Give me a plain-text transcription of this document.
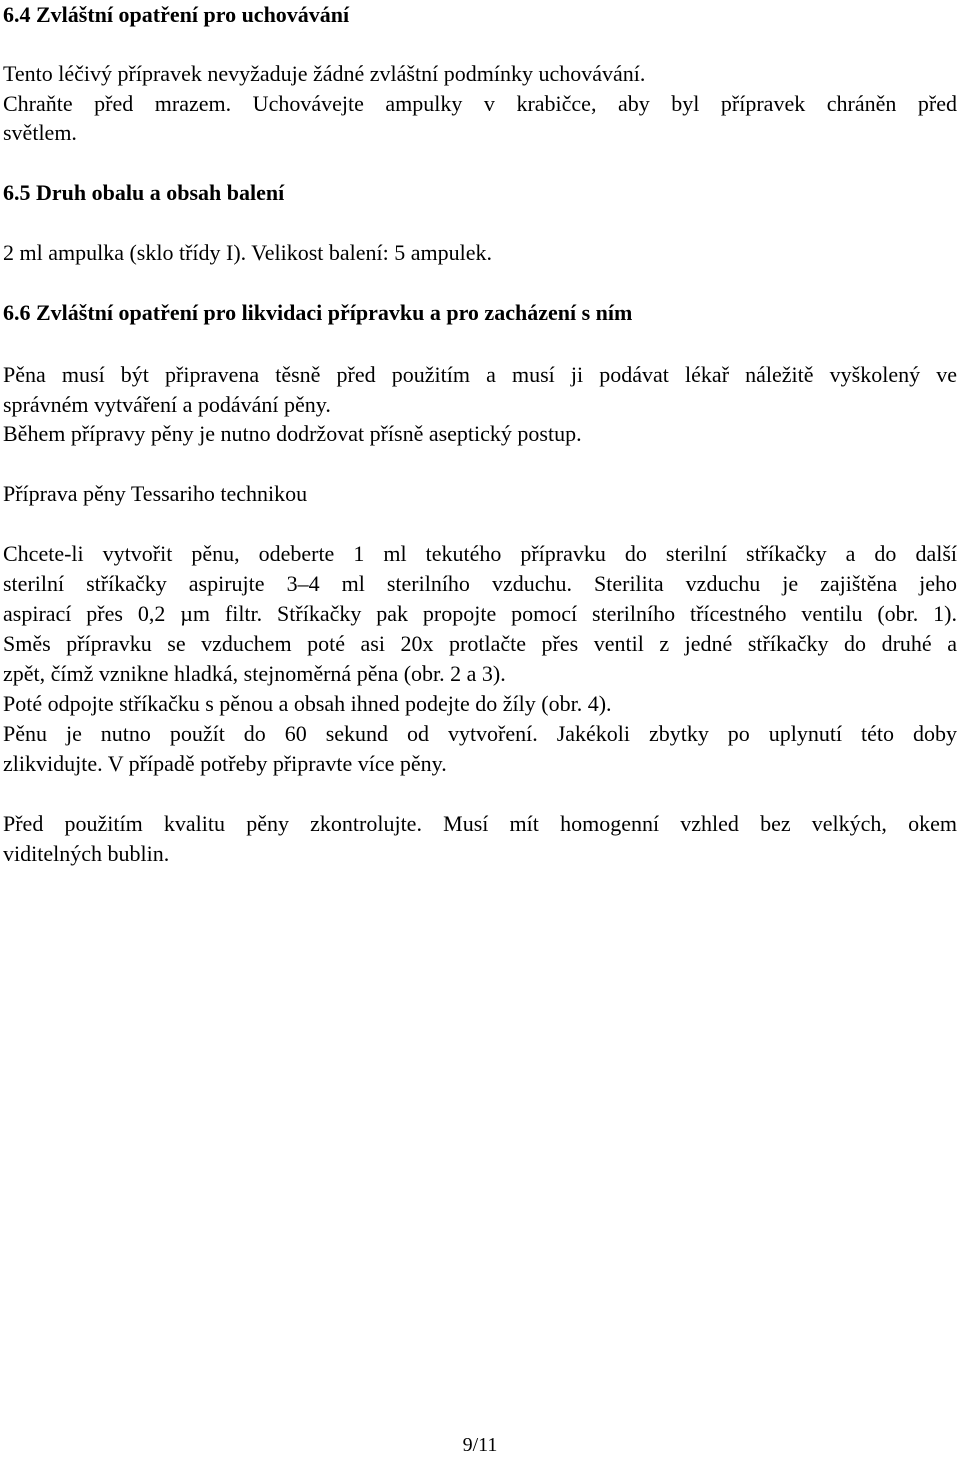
6.4 Zvláštní opatření pro uchovávání

Tento léčivý přípravek nevyžaduje žádné zvláštní podmínky uchovávání.

Chraňte před mrazem. Uchovávejte ampulky v krabičce, aby byl přípravek chráněn před

světlem.

6.5 Druh obalu a obsah balení

2 ml ampulka (sklo třídy I). Velikost balení: 5 ampulek.

6.6 Zvláštní opatření pro likvidaci přípravku a pro zacházení s ním

Pěna musí být připravena těsně před použitím a musí ji podávat lékař náležitě vyškolený ve

správném vytváření a podávání pěny.

Během přípravy pěny je nutno dodržovat přísně aseptický postup.

Příprava pěny Tessariho technikou

Chcete-li vytvořit pěnu, odeberte 1 ml tekutého přípravku do sterilní stříkačky a do další

sterilní stříkačky aspirujte 3–4 ml sterilního vzduchu. Sterilita vzduchu je zajištěna jeho

aspirací přes 0,2 µm filtr. Stříkačky pak propojte pomocí sterilního třícestného ventilu (obr. 1).

Směs přípravku se vzduchem poté asi 20x protlačte přes ventil z jedné stříkačky do druhé a

zpět, čímž vznikne hladká, stejnoměrná pěna (obr. 2 a 3).

Poté odpojte stříkačku s pěnou a obsah ihned podejte do žíly (obr. 4).

Pěnu je nutno použít do 60 sekund od vytvoření. Jakékoli zbytky po uplynutí této doby

zlikvidujte. V případě potřeby připravte více pěny.

Před použitím kvalitu pěny zkontrolujte. Musí mít homogenní vzhled bez velkých, okem

viditelných bublin.

9/11
